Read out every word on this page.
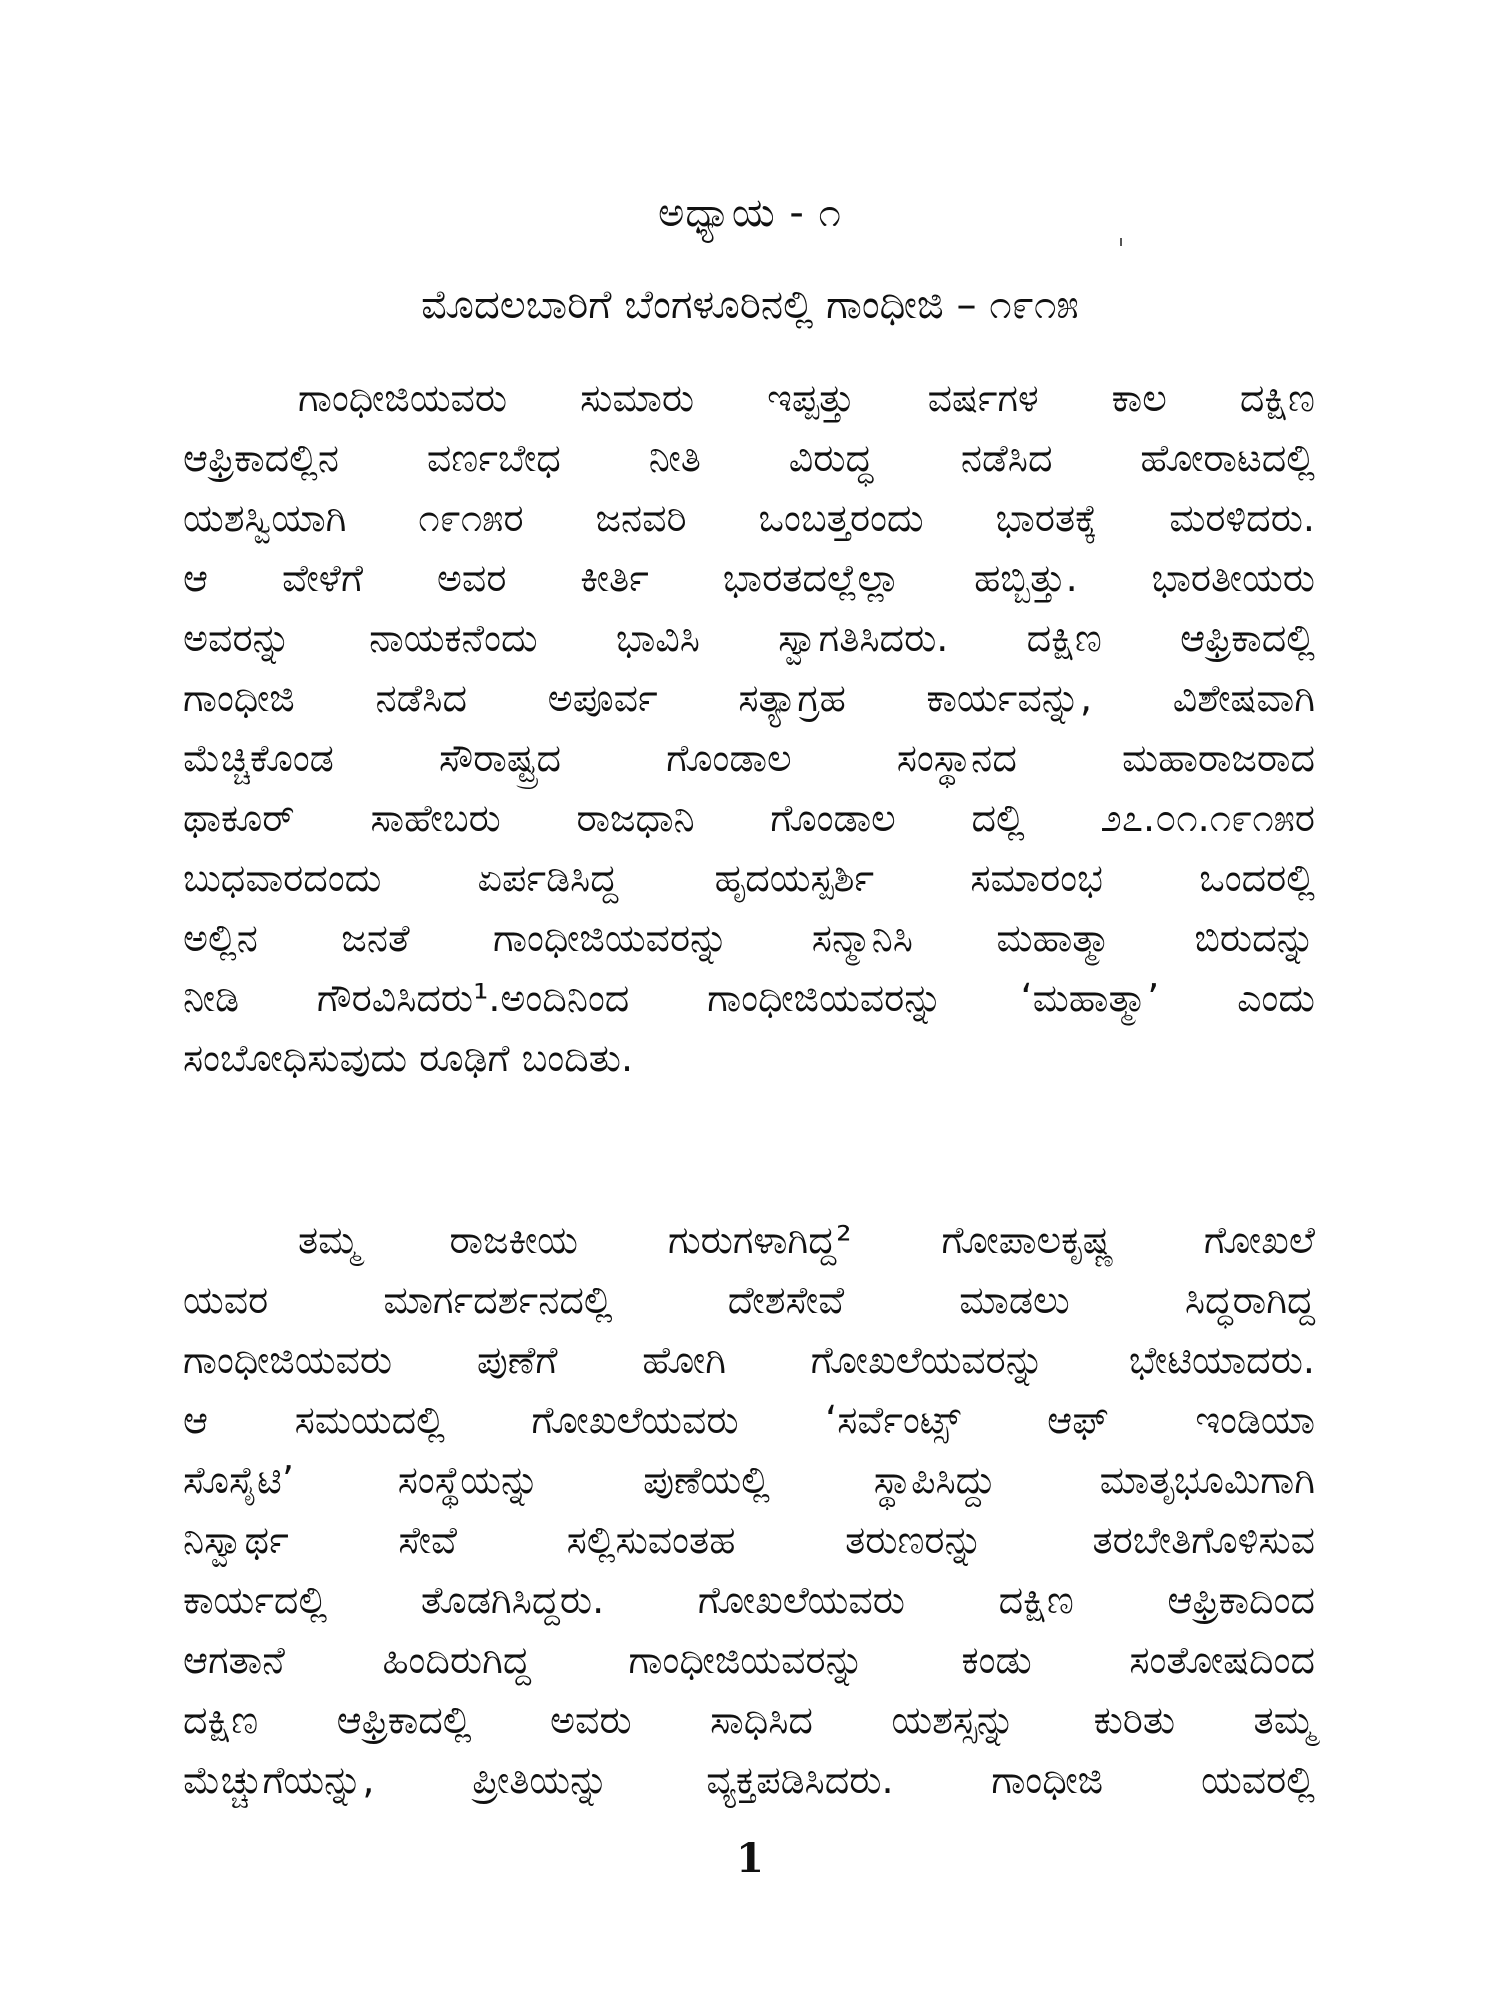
ಅಧ್ಯಾಯ - ೧
ಮೊದಲಬಾರಿಗೆ ಬೆಂಗಳೂರಿನಲ್ಲಿ ಗಾಂಧೀಜಿ – ೧೯೧೫
ಗಾಂಧೀಜಿಯವರು ಸುಮಾರು ಇಪ್ಪತ್ತು ವರ್ಷಗಳ ಕಾಲ ದಕ್ಷಿಣ
ಆಫ್ರಿಕಾದಲ್ಲಿನ ವರ್ಣಬೇಧ ನೀತಿ ವಿರುದ್ಧ ನಡೆಸಿದ ಹೋರಾಟದಲ್ಲಿ
ಯಶಸ್ವಿಯಾಗಿ ೧೯೧೫ರ ಜನವರಿ ಒಂಬತ್ತರಂದು ಭಾರತಕ್ಕೆ ಮರಳಿದರು.
ಆ ವೇಳೆಗೆ ಅವರ ಕೀರ್ತಿ ಭಾರತದಲ್ಲೆಲ್ಲಾ ಹಬ್ಬಿತ್ತು. ಭಾರತೀಯರು
ಅವರನ್ನು ನಾಯಕನೆಂದು ಭಾವಿಸಿ ಸ್ವಾಗತಿಸಿದರು. ದಕ್ಷಿಣ ಆಫ್ರಿಕಾದಲ್ಲಿ
ಗಾಂಧೀಜಿ ನಡೆಸಿದ ಅಪೂರ್ವ ಸತ್ಯಾಗ್ರಹ ಕಾರ್ಯವನ್ನು, ವಿಶೇಷವಾಗಿ
ಮೆಚ್ಚಿಕೊಂಡ ಸೌರಾಷ್ಟ್ರದ ಗೊಂಡಾಲ ಸಂಸ್ಥಾನದ ಮಹಾರಾಜರಾದ
ಥಾಕೂರ್ ಸಾಹೇಬರು ರಾಜಧಾನಿ ಗೊಂಡಾಲ ದಲ್ಲಿ ೨೭.೦೧.೧೯೧೫ರ
ಬುಧವಾರದಂದು ಏರ್ಪಡಿಸಿದ್ದ ಹೃದಯಸ್ಪರ್ಶಿ ಸಮಾರಂಭ ಒಂದರಲ್ಲಿ
ಅಲ್ಲಿನ ಜನತೆ ಗಾಂಧೀಜಿಯವರನ್ನು ಸನ್ಮಾನಿಸಿ ಮಹಾತ್ಮಾ ಬಿರುದನ್ನು
ನೀಡಿ ಗೌರವಿಸಿದರು¹.ಅಂದಿನಿಂದ ಗಾಂಧೀಜಿಯವರನ್ನು ‘ಮಹಾತ್ಮಾ’ ಎಂದು
ಸಂಬೋಧಿಸುವುದು ರೂಢಿಗೆ ಬಂದಿತು.
ತಮ್ಮ ರಾಜಕೀಯ ಗುರುಗಳಾಗಿದ್ದ² ಗೋಪಾಲಕೃಷ್ಣ ಗೋಖಲೆ
ಯವರ ಮಾರ್ಗದರ್ಶನದಲ್ಲಿ ದೇಶಸೇವೆ ಮಾಡಲು ಸಿದ್ಧರಾಗಿದ್ದ
ಗಾಂಧೀಜಿಯವರು ಪುಣೆಗೆ ಹೋಗಿ ಗೋಖಲೆಯವರನ್ನು ಭೇಟಿಯಾದರು.
ಆ ಸಮಯದಲ್ಲಿ ಗೋಖಲೆಯವರು ‘ಸರ್ವೆಂಟ್ಸ್ ಆಫ್ ಇಂಡಿಯಾ
ಸೊಸೈಟಿ’ ಸಂಸ್ಥೆಯನ್ನು ಪುಣೆಯಲ್ಲಿ ಸ್ಥಾಪಿಸಿದ್ದು ಮಾತೃಭೂಮಿಗಾಗಿ
ನಿಸ್ವಾರ್ಥ ಸೇವೆ ಸಲ್ಲಿಸುವಂತಹ ತರುಣರನ್ನು ತರಬೇತಿಗೊಳಿಸುವ
ಕಾರ್ಯದಲ್ಲಿ ತೊಡಗಿಸಿದ್ದರು. ಗೋಖಲೆಯವರು ದಕ್ಷಿಣ ಆಫ್ರಿಕಾದಿಂದ
ಆಗತಾನೆ ಹಿಂದಿರುಗಿದ್ದ ಗಾಂಧೀಜಿಯವರನ್ನು ಕಂಡು ಸಂತೋಷದಿಂದ
ದಕ್ಷಿಣ ಆಫ್ರಿಕಾದಲ್ಲಿ ಅವರು ಸಾಧಿಸಿದ ಯಶಸ್ಸನ್ನು ಕುರಿತು ತಮ್ಮ
ಮೆಚ್ಚುಗೆಯನ್ನು, ಪ್ರೀತಿಯನ್ನು ವ್ಯಕ್ತಪಡಿಸಿದರು. ಗಾಂಧೀಜಿ ಯವರಲ್ಲಿ
1
